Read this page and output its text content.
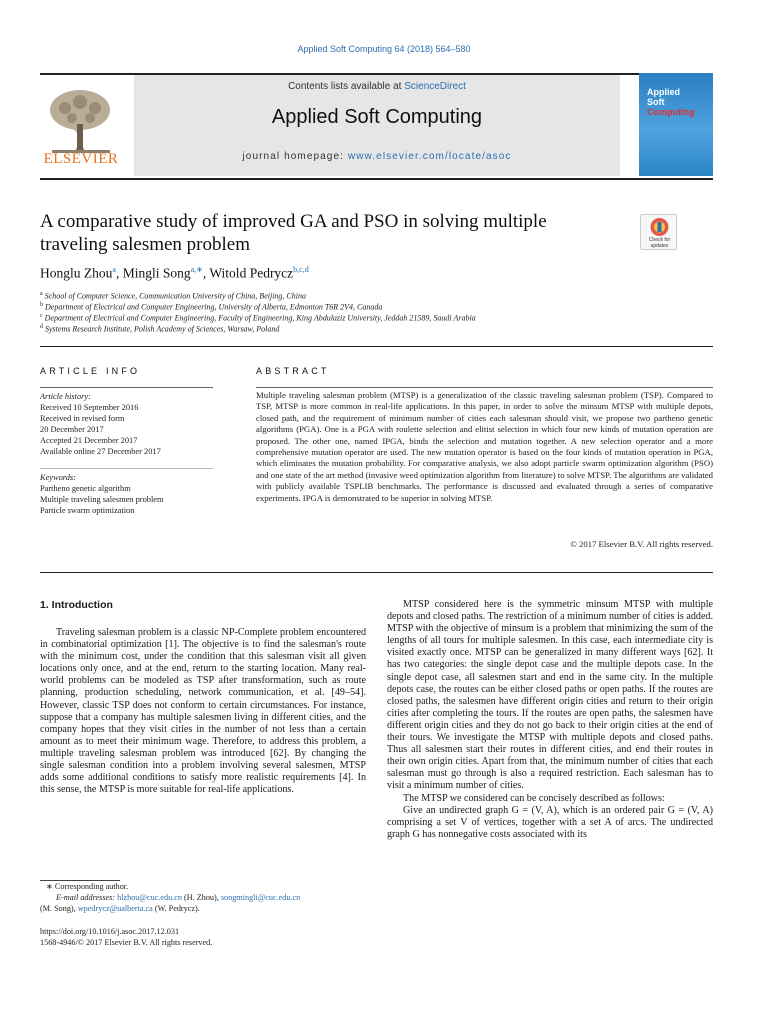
Applied Soft Computing 64 (2018) 564–580
ELSEVIER
Contents lists available at ScienceDirect
Applied Soft Computing
journal homepage: www.elsevier.com/locate/asoc
Applied
Soft
Computing
A comparative study of improved GA and PSO in solving multiple traveling salesmen problem	Check for updates
Honglu Zhou$^a$, Mingli Song$^{a,∗}$, Witold Pedrycz$^{b,c,d}$
$^a$ School of Computer Science, Communication University of China, Beijing, China
$^b$ Department of Electrical and Computer Engineering, University of Alberta, Edmonton T6R 2V4, Canada
$^c$ Department of Electrical and Computer Engineering, Faculty of Engineering, King Abdulaziz University, Jeddah 21589, Saudi Arabia
$^d$ Systems Research Institute, Polish Academy of Sciences, Warsaw, Poland
ARTICLE INFO
Article history:
Received 10 September 2016
Received in revised form
20 December 2017
Accepted 21 December 2017
Available online 27 December 2017
Keywords:
Partheno genetic algorithm
Multiple traveling salesmen problem
Particle swarm optimization
ABSTRACT
Multiple traveling salesman problem (MTSP) is a generalization of the classic traveling salesman problem (TSP). Compared to TSP, MTSP is more common in real-life applications. In this paper, in order to solve the minsum MTSP with multiple depots, closed path, and the requirement of minimum number of cities each salesman should visit, we propose two partheno genetic algorithms (PGA). One is a PGA with roulette selection and elitist selection in which four new kinds of mutation operation are proposed. The other one, named IPGA, binds the selection and mutation together. A new selection operator and a more comprehensive mutation operator are used. The new mutation operator is based on the four kinds of mutation operation in PGA, which eliminates the mutation probability. For comparative analysis, we also adopt particle swarm optimization algorithm (PSO) and one state of the art method (invasive weed optimization algorithm from literature) to solve MTSP. The algorithms are validated with publicly available TSPLIB benchmarks. The performance is discussed and evaluated through a series of comparative experiments. IPGA is demonstrated to be superior in solving MTSP.
© 2017 Elsevier B.V. All rights reserved.
1. Introduction

Traveling salesman problem is a classic NP-Complete problem encountered in combinatorial optimization [1]. The objective is to find the salesman's route with the minimum cost, under the condition that this salesman visit all given locations only once, and at the end, return to the starting location. Many real-world problems can be modeled as TSP after transformation, such as route planning, production scheduling, network communication, et al. [49–54]. However, classic TSP does not conform to certain circumstances. For instance, suppose that a company has multiple salesmen living in different cities, and the company hopes that they visit cities in the number of not less than a certain amount as to meet their minimum wage. Therefore, to address this problem, a multiple traveling salesman problem was introduced [62]. By changing the single salesman condition into a problem involving several salesmen, MTSP adds some additional conditions to satisfy more realistic requirements [4]. In this sense, the MTSP is more suitable for real-life applications.

MTSP considered here is the symmetric minsum MTSP with multiple depots and closed paths. The restriction of a minimum number of cities is added. MTSP with the objective of minsum is a problem that minimizing the sum of the lengths of all tours for multiple salesmen. In this case, each intermediate city is visited exactly once. MTSP can be generalized in many different ways [62]. It has two categories: the single depot case and the multiple depots case. In the single depot case, all salesmen start and end in the same city. In the multiple depots case, the routes can be either closed paths or open paths. If the routes are closed paths, the salesmen have different origin cities and return to their origin cities after completing the tours. If the routes are open paths, the salesmen have different origin cities and they do not go back to their origin cities at the end of their tours. We investigate the MTSP with multiple depots and closed paths. Thus all salesmen start their routes in different cities, and end their routes in their own origin cities. Apart from that, the minimum number of cities that each salesman must go through is also a required restriction. Each salesman has to visit a minimum number of cities.

The MTSP we considered can be concisely described as follows:

Give an undirected graph G = (V, A), which is an ordered pair G = (V, A) comprising a set V of vertices, together with a set A of arcs. The undirected graph G has nonnegative costs associated with its

∗ Corresponding author.
E-mail addresses: hlzhou@cuc.edu.cn (H. Zhou), songmingli@cuc.edu.cn
(M. Song), wpedrycz@ualberta.ca (W. Pedrycz).
https://doi.org/10.1016/j.asoc.2017.12.031
1568-4946/© 2017 Elsevier B.V. All rights reserved.
